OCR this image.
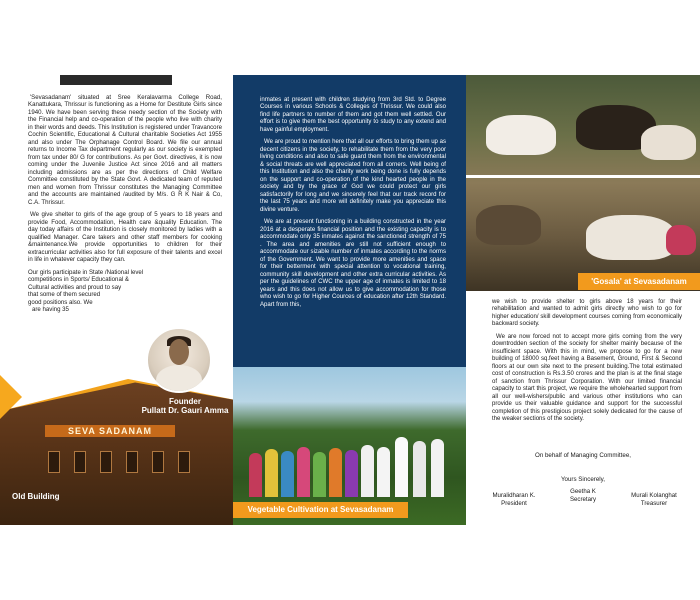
'Sevasadanam' situated at Sree Keralavarma College Road, Kanattukara, Thrissur is functioning as a Home for Destitute Girls since 1940. We have been serving these needy section of the Society with the Financial help and co-operation of the people who live with charity in their words and deeds. This Institution is registered under Travancore Cochin Scientific, Educational & Cultural charitable Societies Act 1955 and also under The Orphanage Control Board. We file our annual returns to Income Tax department regularly as our society is exempted from tax under 80/ G for contributions. As per Govt. directives, it is now coming under the Juvenile Justice Act since 2016 and all matters including admissions are as per the directions of Child Welfare Committee constituted by the State Govt. A dedicated team of reputed men and women from Thrissur constitutes the Managing Committee and the accounts are maintained /audited by M/s. G R K Nair & Co, C.A. Thrissur.

We give shelter to girls of the age group of 5 years to 18 years and provide Food, Accommodation, Health care &quality Education. The day today affairs of the Institution is closely monitored by ladies with a qualified Manager. Care takers and other staff members for cooking &maintenance.We provide opportunities to children for their extracurricular activities also for full exposure of their talents and excel in life in whatever capacity they can.

Our girls participate in State /National level
competitions in Sports/ Educational &
Cultural activities and proud to say
that some of them secured
good positions also. We
are having 35
SEVA SADANAM
Founder
Pullatt Dr. Gauri Amma
Old Building

inmates at present with children studying from 3rd Std. to Degree Courses in various Schools & Colleges of Thrissur. We could also find life partners to number of them and got them well settled. Our effort is to give them the best opportunity to study to any extend and have gainful employment.

We are proud to mention here that all our efforts to bring them up as decent citizens in the society, to rehabilitate them from the very poor living conditions and also to safe guard them from the environmental & social threats are well appreciated from all corners. Well being of this Institution and also the charity work being done is fully depends on the support and co-operation of the kind hearted people in the society and by the grace of God we could protect our girls satisfactorily for long and we sincerely feel that our track record for the last 75 years and more will definitely make you appreciate this divine venture.

We are at present functioning in a building constructed in the year 2016 at a desperate financial position and the existing capacity is to accommodate only 35 inmates against the sanctioned strength of 75 . The area and amenities are still not sufficient enough to accommodate our sizable number of inmates according to the norms of the Government. We want to provide more amenities and space for their betterment with special attention to vocational training, community skill development and other extra curricular activities. As per the guidelines of CWC the upper age of inmates is limited to 18 years and this does not allow us to give accommodation for those who wish to go for Higher Cources of education after 12th Standard. Apart from this,

Vegetable Cultivation at Sevasadanam
'Gosala' at Sevasadanam

we wish to provide shelter to girls above 18 years for their rehabilitation and wanted to admit girls directly who wish to go for higher education/ skill development courses coming from economically backward society.

We are now forced not to accept more girls coming from the very downtrodden section of the society for shelter mainly because of the insufficient space. With this in mind, we propose to go for a new building of 18000 sq.feet having a Basement, Ground, First & Second floors at our own site next to the present building.The total estimated cost of construction is Rs.3.50 crores and the plan is at the final stage of sanction from Thrissur Corporation. With our limited financial capacity to start this project, we require the wholehearted support from all our well-wishers/public and various other institutions who can provide us their valuable guidance and support for the successful completion of this prestigious project solely dedicated for the cause of the weaker sections of the society.

On behalf of Managing Committee,
Yours Sincerely,
Muralidharan K.
President
Geetha K
Secretary
Murali Kolanghat
Treasurer
